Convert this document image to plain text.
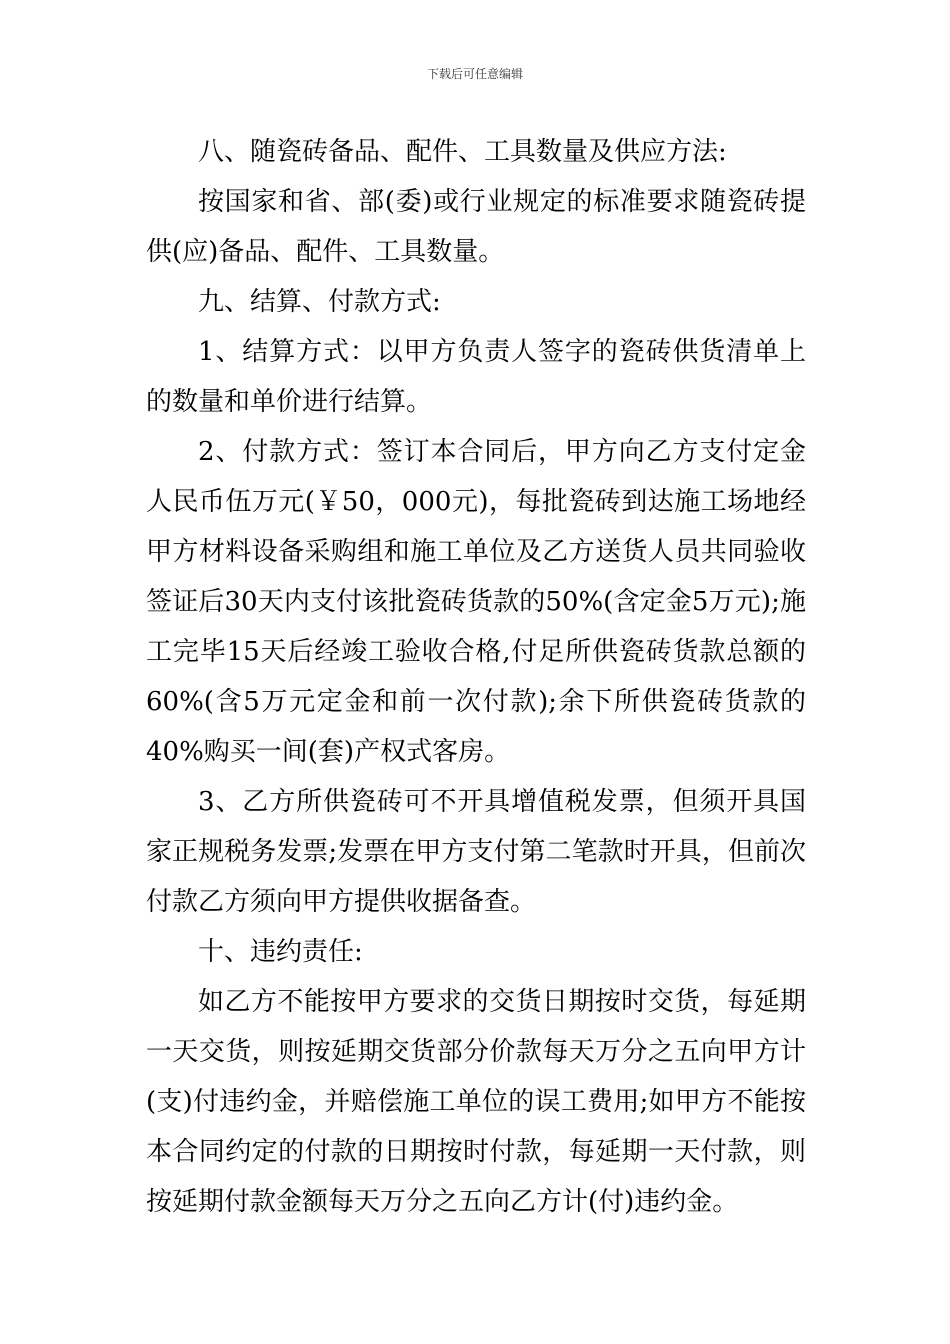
下载后可任意编辑

八、随瓷砖备品、配件、工具数量及供应方法:

按国家和省、部(委)或行业规定的标准要求随瓷砖提供(应)备品、配件、工具数量。

九、结算、付款方式:

1、结算方式：以甲方负责人签字的瓷砖供货清单上的数量和单价进行结算。

2、付款方式：签订本合同后，甲方向乙方支付定金人民币伍万元(￥50，000元)，每批瓷砖到达施工场地经甲方材料设备采购组和施工单位及乙方送货人员共同验收签证后30天内支付该批瓷砖货款的50%(含定金5万元);施工完毕15天后经竣工验收合格,付足所供瓷砖货款总额的60%(含5万元定金和前一次付款);余下所供瓷砖货款的40%购买一间(套)产权式客房。

3、乙方所供瓷砖可不开具增值税发票，但须开具国家正规税务发票;发票在甲方支付第二笔款时开具，但前次付款乙方须向甲方提供收据备查。

十、违约责任:

如乙方不能按甲方要求的交货日期按时交货，每延期一天交货，则按延期交货部分价款每天万分之五向甲方计(支)付违约金，并赔偿施工单位的误工费用;如甲方不能按本合同约定的付款的日期按时付款，每延期一天付款，则按延期付款金额每天万分之五向乙方计(付)违约金。
